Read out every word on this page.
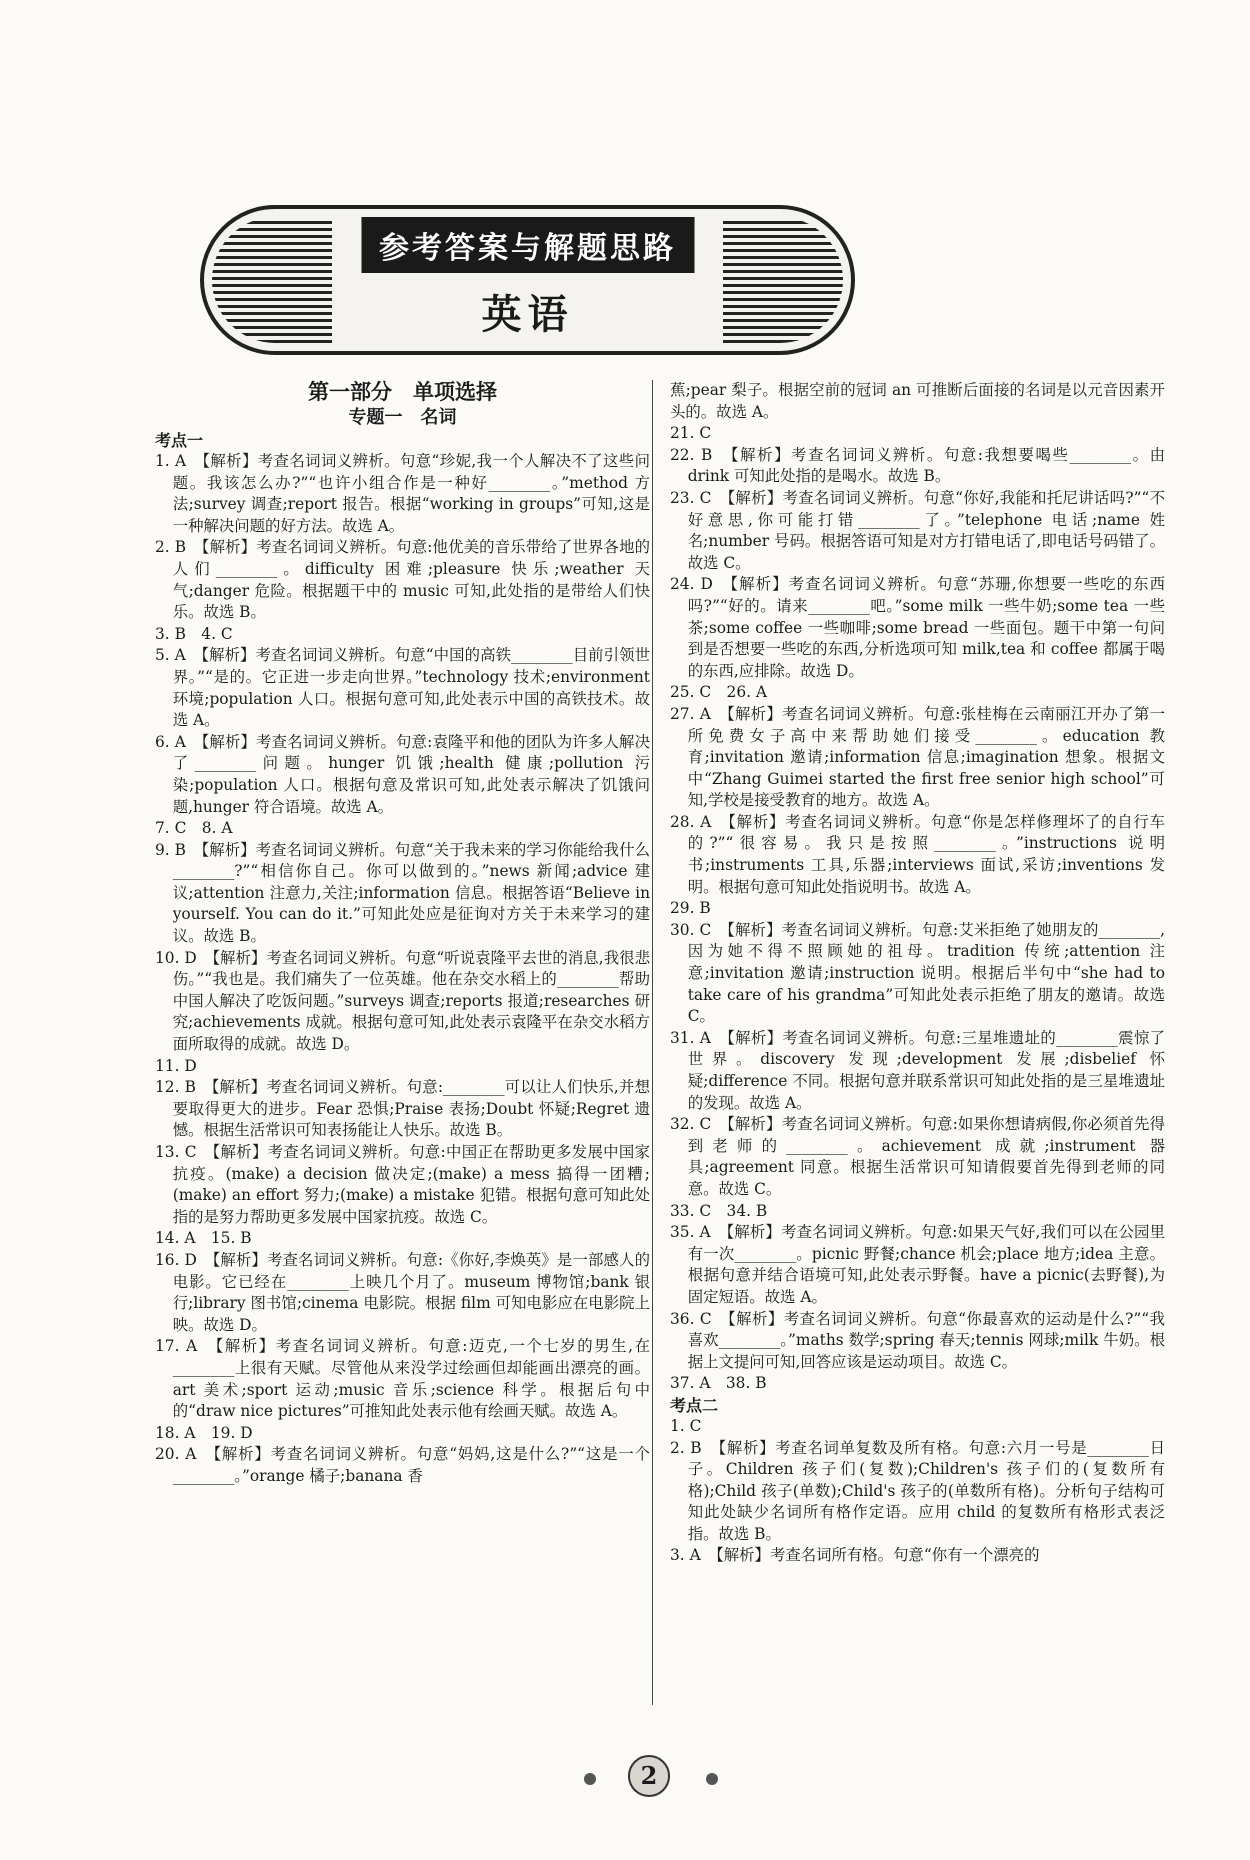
参考答案与解题思路
英语
第一部分　单项选择
专题一　名词

考点一

1. A　【解析】考查名词词义辨析。句意“珍妮,我一个人解决不了这些问题。我该怎么办?”“也许小组合作是一种好________。”method 方法;survey 调查;report 报告。根据“working in groups”可知,这是一种解决问题的好方法。故选 A。

2. B　【解析】考查名词词义辨析。句意:他优美的音乐带给了世界各地的人们________。difficulty 困难;pleasure 快乐;weather 天气;danger 危险。根据题干中的 music 可知,此处指的是带给人们快乐。故选 B。

3. B　4. C

5. A　【解析】考查名词词义辨析。句意“中国的高铁________目前引领世界。”“是的。它正进一步走向世界。”technology 技术;environment 环境;population 人口。根据句意可知,此处表示中国的高铁技术。故选 A。

6. A　【解析】考查名词词义辨析。句意:袁隆平和他的团队为许多人解决了________问题。hunger 饥饿;health 健康;pollution 污染;population 人口。根据句意及常识可知,此处表示解决了饥饿问题,hunger 符合语境。故选 A。

7. C　8. A

9. B　【解析】考查名词词义辨析。句意“关于我未来的学习你能给我什么________?”“相信你自己。你可以做到的。”news 新闻;advice 建议;attention 注意力,关注;information 信息。根据答语“Believe in yourself. You can do it.”可知此处应是征询对方关于未来学习的建议。故选 B。

10. D　【解析】考查名词词义辨析。句意“听说袁隆平去世的消息,我很悲伤。”“我也是。我们痛失了一位英雄。他在杂交水稻上的________帮助中国人解决了吃饭问题。”surveys 调查;reports 报道;researches 研究;achievements 成就。根据句意可知,此处表示袁隆平在杂交水稻方面所取得的成就。故选 D。

11. D

12. B　【解析】考查名词词义辨析。句意:________可以让人们快乐,并想要取得更大的进步。Fear 恐惧;Praise 表扬;Doubt 怀疑;Regret 遗憾。根据生活常识可知表扬能让人快乐。故选 B。

13. C　【解析】考查名词词义辨析。句意:中国正在帮助更多发展中国家抗疫。(make) a decision 做决定;(make) a mess 搞得一团糟;(make) an effort 努力;(make) a mistake 犯错。根据句意可知此处指的是努力帮助更多发展中国家抗疫。故选 C。

14. A　15. B

16. D　【解析】考查名词词义辨析。句意:《你好,李焕英》是一部感人的电影。它已经在________上映几个月了。museum 博物馆;bank 银行;library 图书馆;cinema 电影院。根据 film 可知电影应在电影院上映。故选 D。

17. A　【解析】考查名词词义辨析。句意:迈克,一个七岁的男生,在________上很有天赋。尽管他从来没学过绘画但却能画出漂亮的画。art 美术;sport 运动;music 音乐;science 科学。根据后句中的“draw nice pictures”可推知此处表示他有绘画天赋。故选 A。

18. A　19. D

20. A　【解析】考查名词词义辨析。句意“妈妈,这是什么?”“这是一个________。”orange 橘子;banana 香

蕉;pear 梨子。根据空前的冠词 an 可推断后面接的名词是以元音因素开头的。故选 A。

21. C

22. B　【解析】考查名词词义辨析。句意:我想要喝些________。由 drink 可知此处指的是喝水。故选 B。

23. C　【解析】考查名词词义辨析。句意“你好,我能和托尼讲话吗?”“不好意思,你可能打错________了。”telephone 电话;name 姓名;number 号码。根据答语可知是对方打错电话了,即电话号码错了。故选 C。

24. D　【解析】考查名词词义辨析。句意“苏珊,你想要一些吃的东西吗?”“好的。请来________吧。”some milk 一些牛奶;some tea 一些茶;some coffee 一些咖啡;some bread 一些面包。题干中第一句问到是否想要一些吃的东西,分析选项可知 milk,tea 和 coffee 都属于喝的东西,应排除。故选 D。

25. C　26. A

27. A　【解析】考查名词词义辨析。句意:张桂梅在云南丽江开办了第一所免费女子高中来帮助她们接受________。education 教育;invitation 邀请;information 信息;imagination 想象。根据文中“Zhang Guimei started the first free senior high school”可知,学校是接受教育的地方。故选 A。

28. A　【解析】考查名词词义辨析。句意“你是怎样修理坏了的自行车的?”“很容易。我只是按照________。”instructions 说明书;instruments 工具,乐器;interviews 面试,采访;inventions 发明。根据句意可知此处指说明书。故选 A。

29. B

30. C　【解析】考查名词词义辨析。句意:艾米拒绝了她朋友的________,因为她不得不照顾她的祖母。tradition 传统;attention 注意;invitation 邀请;instruction 说明。根据后半句中“she had to take care of his grandma”可知此处表示拒绝了朋友的邀请。故选 C。

31. A　【解析】考查名词词义辨析。句意:三星堆遗址的________震惊了世界。discovery 发现;development 发展;disbelief 怀疑;difference 不同。根据句意并联系常识可知此处指的是三星堆遗址的发现。故选 A。

32. C　【解析】考查名词词义辨析。句意:如果你想请病假,你必须首先得到老师的________。achievement 成就;instrument 器具;agreement 同意。根据生活常识可知请假要首先得到老师的同意。故选 C。

33. C　34. B

35. A　【解析】考查名词词义辨析。句意:如果天气好,我们可以在公园里有一次________。picnic 野餐;chance 机会;place 地方;idea 主意。根据句意并结合语境可知,此处表示野餐。have a picnic(去野餐),为固定短语。故选 A。

36. C　【解析】考查名词词义辨析。句意“你最喜欢的运动是什么?”“我喜欢________。”maths 数学;spring 春天;tennis 网球;milk 牛奶。根据上文提问可知,回答应该是运动项目。故选 C。

37. A　38. B

考点二

1. C

2. B　【解析】考查名词单复数及所有格。句意:六月一号是________日子。Children 孩子们(复数);Children's 孩子们的(复数所有格);Child 孩子(单数);Child's 孩子的(单数所有格)。分析句子结构可知此处缺少名词所有格作定语。应用 child 的复数所有格形式表泛指。故选 B。

3. A　【解析】考查名词所有格。句意“你有一个漂亮的

2
